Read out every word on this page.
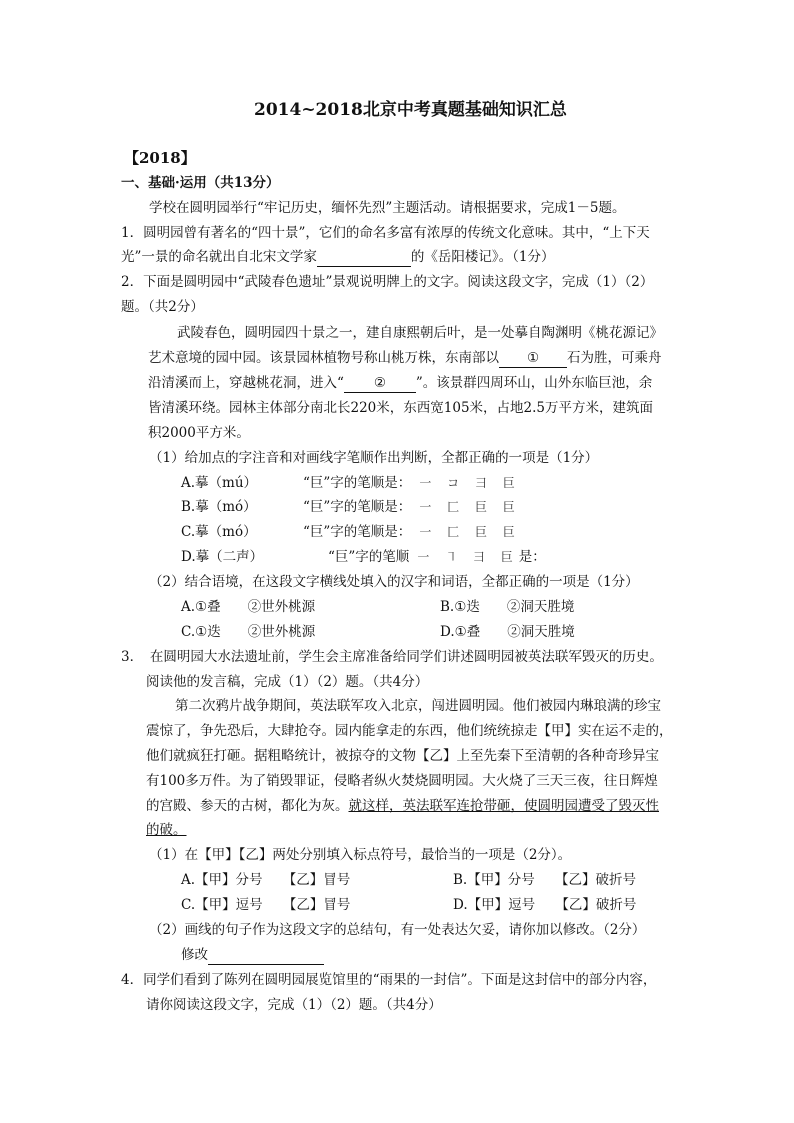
2014~2018北京中考真题基础知识汇总
【2018】
一、基础·运用（共13分）
学校在圆明园举行“牢记历史，缅怀先烈”主题活动。请根据要求，完成1－5题。
1．圆明园曾有著名的“四十景”，它们的命名多富有浓厚的传统文化意味。其中，“上下天
光”一景的命名就出自北宋文学家	的《岳阳楼记》。（1分）
2．下面是圆明园中“武陵春色遗址”景观说明牌上的文字。阅读这段文字，完成（1）（2）
题。（共2分）
武陵春色，圆明园四十景之一，建自康熙朝后叶，是一处摹自陶渊明《桃花源记》
艺术意境的园中园。该景园林植物号称山桃万株，东南部以 ① 石为胜，可乘舟
沿清溪而上，穿越桃花洞，进入“ ② ”。该景群四周环山，山外东临巨池，余
皆清溪环绕。园林主体部分南北长220米，东西宽105米，占地2.5万平方米，建筑面
积2000平方米。
（1）给加点的字注音和对画线字笔顺作出判断，全都正确的一项是（1分）
A.摹（mú）	“巨”字的笔顺是： 一 コ 彐 巨
B.摹（mó）	“巨”字的笔顺是： 一 匚 巨 巨
C.摹（mó）	“巨”字的笔顺是： 一 匚 巨 巨
D.摹（二声）	“巨”字的笔顺 一 ㇕ 彐 巨是：
（2）结合语境，在这段文字横线处填入的汉字和词语，全都正确的一项是（1分）
A.①叠　　②世外桃源	B.①迭　　②洞天胜境
C.①迭　　②世外桃源	D.①叠　　②洞天胜境
3．　在圆明园大水法遗址前，学生会主席准备给同学们讲述圆明园被英法联军毁灭的历史。
阅读他的发言稿，完成（1）（2）题。（共4分）
第二次鸦片战争期间，英法联军攻入北京，闯进圆明园。他们被园内琳琅满的珍宝
震惊了，争先恐后，大肆抢夺。园内能拿走的东西，他们统统掠走【甲】实在运不走的，
他们就疯狂打砸。据粗略统计，被掠夺的文物【乙】上至先秦下至清朝的各种奇珍异宝
有100多万件。为了销毁罪证，侵略者纵火焚烧圆明园。大火烧了三天三夜，往日辉煌
的宫殿、参天的古树，都化为灰。就这样，英法联军连抢带砸，使圆明园遭受了毁灭性
的破。
（1）在【甲】【乙】两处分别填入标点符号，最恰当的一项是（2分）。
A.【甲】分号　　【乙】冒号	B.【甲】分号　　【乙】破折号
C.【甲】逗号　　【乙】冒号	D.【甲】逗号　　【乙】破折号
（2）画线的句子作为这段文字的总结句，有一处表达欠妥，请你加以修改。（2分）
修改
4．同学们看到了陈列在圆明园展览馆里的“雨果的一封信”。下面是这封信中的部分内容，
请你阅读这段文字，完成（1）（2）题。（共4分）
